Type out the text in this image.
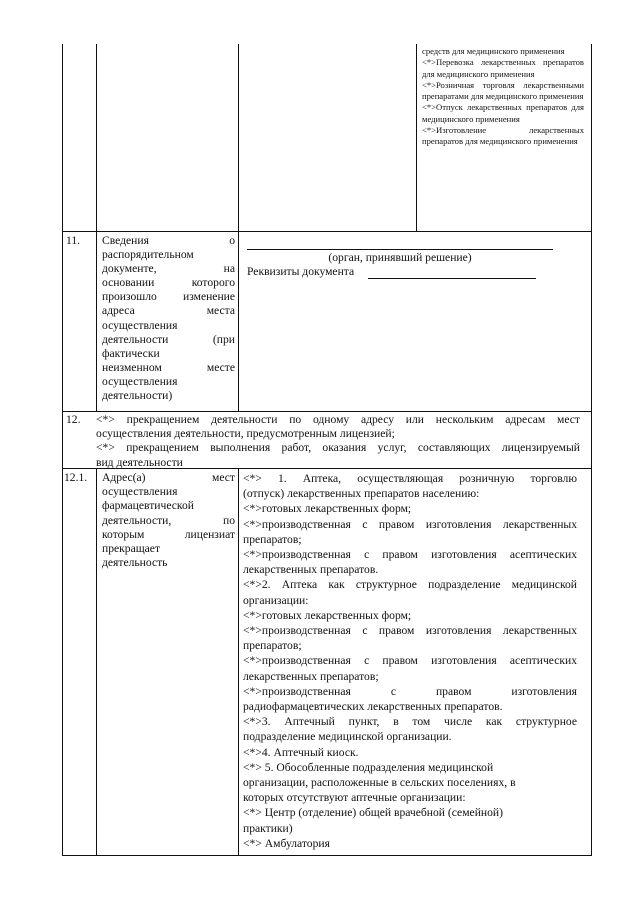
средств для медицинского применения
<*>Перевозка лекарственных препаратов для медицинского применения
<*>Розничная торговля лекарственными препаратами для медицинского применения
<*>Отпуск лекарственных препаратов для медицинского применения
<*>Изготовление лекарственных препаратов для медицинского применения
11. Сведения о
распорядительном
документе, на
основании которого
произошло изменение
адреса места
осуществления
деятельности (при
фактически
неизменном месте
осуществления
деятельности)
(орган, принявший решение)
Реквизиты документа
12. <*> прекращением деятельности по одному адресу или нескольким адресам мест
осуществления деятельности, предусмотренным лицензией;
<*> прекращением выполнения работ, оказания услуг, составляющих лицензируемый
вид деятельности
12.1. Адрес(а) мест
осуществления
фармацевтической
деятельности, по
которым лицензиат
прекращает
деятельность
<*> 1. Аптека, осуществляющая розничную торговлю
(отпуск) лекарственных препаратов населению:
<*>готовых лекарственных форм;
<*>производственная с правом изготовления лекарственных
препаратов;
<*>производственная с правом изготовления асептических
лекарственных препаратов.
<*>2. Аптека как структурное подразделение медицинской
организации:
<*>готовых лекарственных форм;
<*>производственная с правом изготовления лекарственных
препаратов;
<*>производственная с правом изготовления асептических
лекарственных препаратов;
<*>производственная с правом изготовления
радиофармацевтических лекарственных препаратов.
<*>3. Аптечный пункт, в том числе как структурное
подразделение медицинской организации.
<*>4. Аптечный киоск.
<*> 5. Обособленные подразделения медицинской
организации, расположенные в сельских поселениях, в
которых отсутствуют аптечные организации:
<*> Центр (отделение) общей врачебной (семейной)
практики)
<*> Амбулатория
